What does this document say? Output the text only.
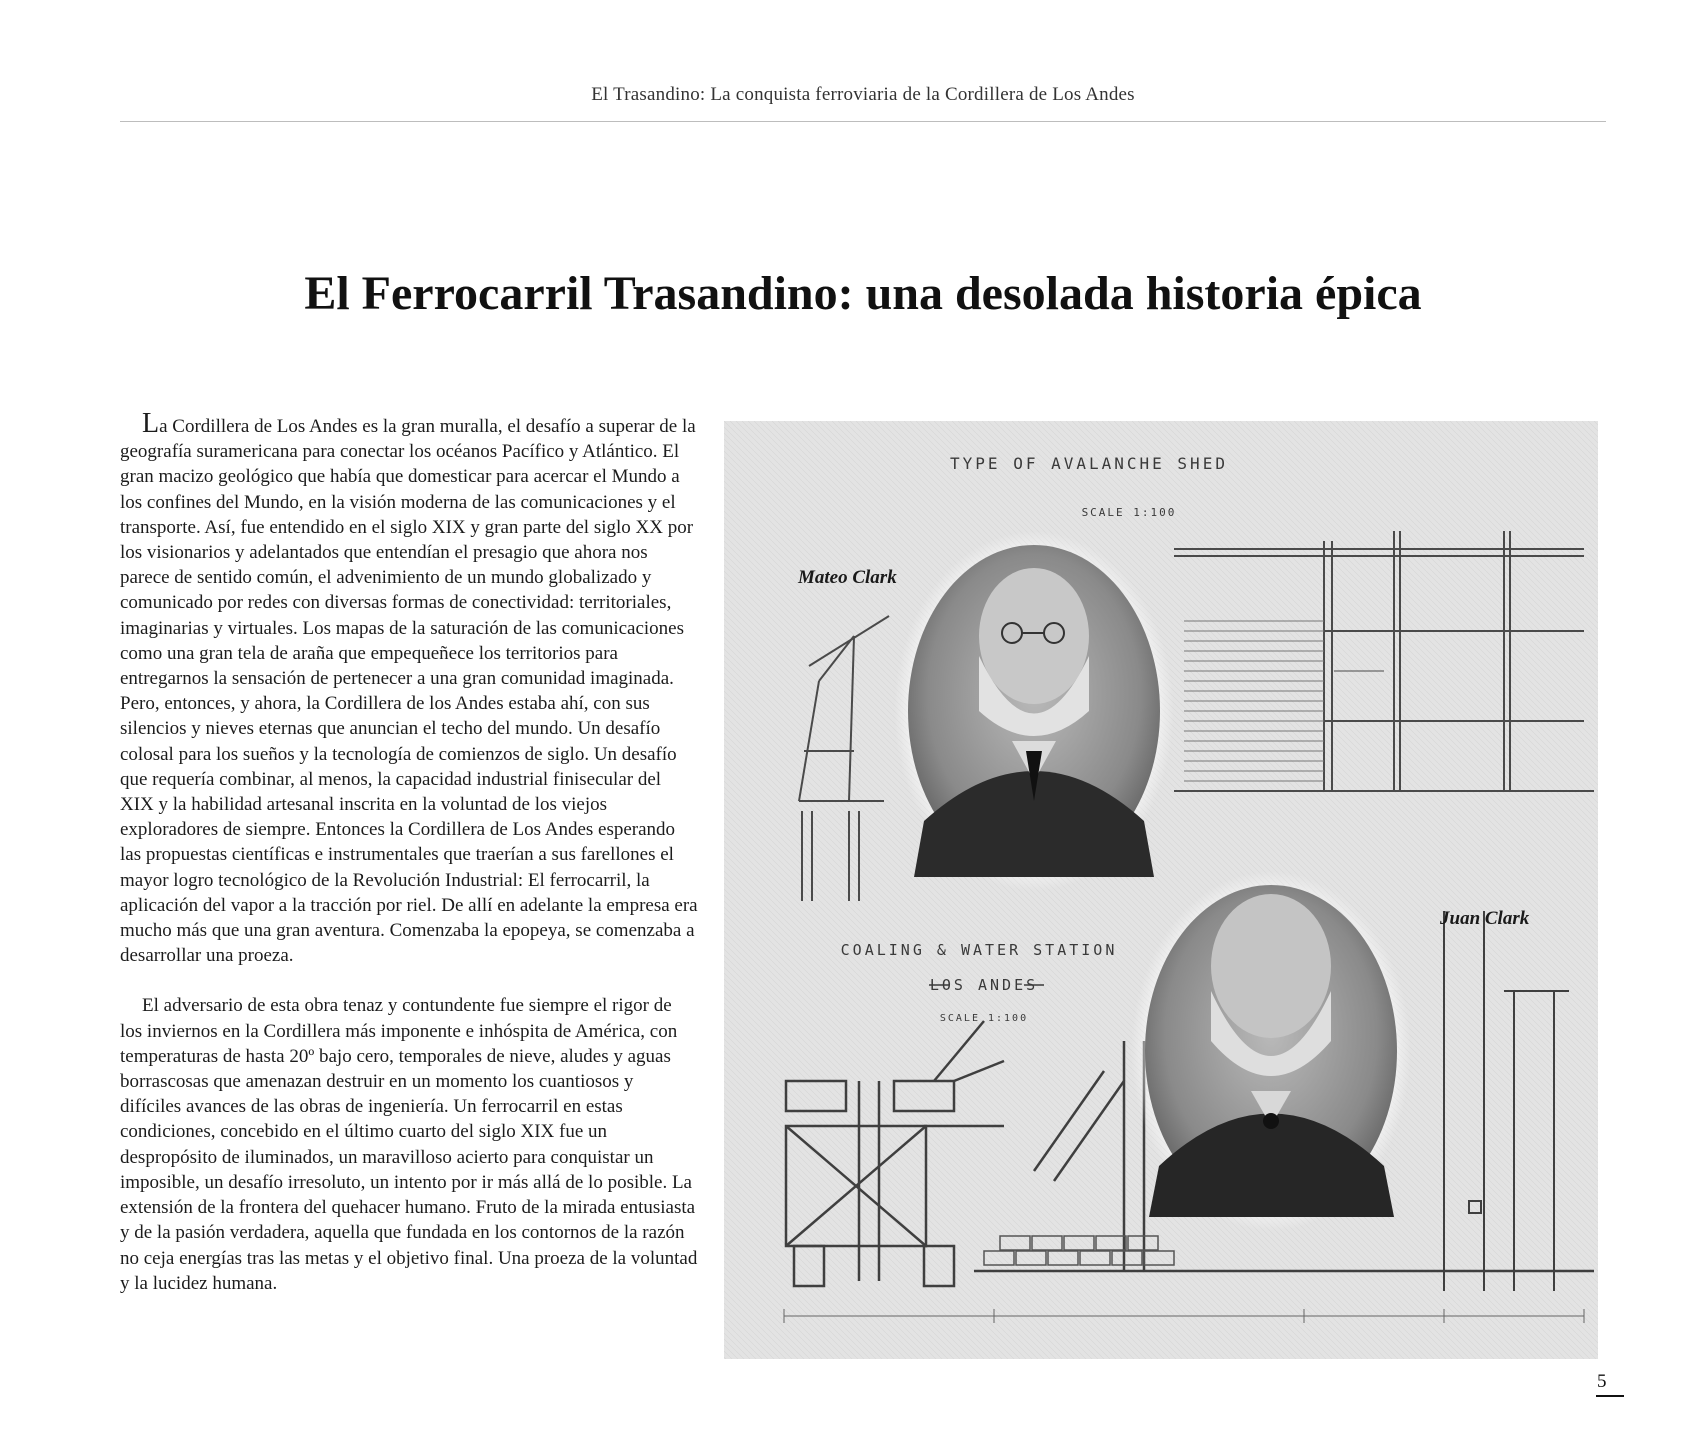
El Trasandino: La conquista ferroviaria de la Cordillera de Los Andes
El Ferrocarril Trasandino: una desolada historia épica

La Cordillera de Los Andes es la gran muralla, el desafío a superar de la geografía suramericana para conectar los océanos Pacífico y Atlántico. El gran macizo geológico que había que domesticar para acercar el Mundo a los confines del Mundo, en la visión moderna de las comunicaciones y el transporte. Así, fue entendido en el siglo XIX y gran parte del siglo XX por los visionarios y adelantados que entendían el presagio que ahora nos parece de sentido común, el advenimiento de un mundo globalizado y comunicado por redes con diversas formas de conectividad: territoriales, imaginarias y virtuales. Los mapas de la saturación de las comunicaciones como una gran tela de araña que empequeñece los territorios para entregarnos la sensación de pertenecer a una gran comunidad imaginada. Pero, entonces, y ahora, la Cordillera de los Andes estaba ahí, con sus silencios y nieves eternas que anuncian el techo del mundo. Un desafío colosal para los sueños y la tecnología de comienzos de siglo. Un desafío que requería combinar, al menos, la capacidad industrial finisecular del XIX y la habilidad artesanal inscrita en la voluntad de los viejos exploradores de siempre. Entonces la Cordillera de Los Andes esperando las propuestas científicas e instrumentales que traerían a sus farellones el mayor logro tecnológico de la Revolución Industrial: El ferrocarril, la aplicación del vapor a la tracción por riel. De allí en adelante la empresa era mucho más que una gran aventura. Comenzaba la epopeya, se comenzaba a desarrollar una proeza.

El adversario de esta obra tenaz y contundente fue siempre el rigor de los inviernos en la Cordillera más imponente e inhóspita de América, con temperaturas de hasta 20º bajo cero, temporales de nieve, aludes y aguas borrascosas que amenazan destruir en un momento los cuantiosos y difíciles avances de las obras de ingeniería. Un ferrocarril en estas condiciones, concebido en el último cuarto del siglo XIX fue un despropósito de iluminados, un maravilloso acierto para conquistar un imposible, un desafío irresoluto, un intento por ir más allá de lo posible. La extensión de la frontera del quehacer humano. Fruto de la mirada entusiasta y de la pasión verdadera, aquella que fundada en los contornos de la razón no ceja energías tras las metas y el objetivo final. Una proeza de la voluntad y la lucidez humana.

TYPE OF AVALANCHE SHED
SCALE 1:100
COALING & WATER STATION
LOS ANDES
SCALE 1:100
Mateo Clark
Juan Clark
5
